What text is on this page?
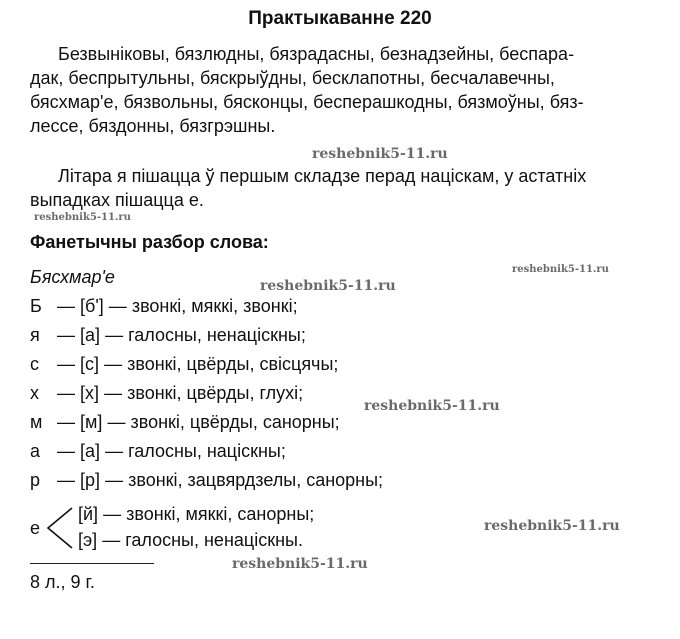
Практыкаванне 220
Безвыніковы, бязлюдны, бязрадасны, безнадзейны, беспара-
дак, беспрытульны, бяскрыўдны, бесклапотны, бесчалавечны,
бясхмар'е, бязвольны, бясконцы, бесперашкодны, бязмоўны, бяз-
лессе, бяздонны, бязгрэшны.
Літара я пішацца ў першым складзе перад націскам, у астатніх
выпадках пішацца е.
Фанетычны разбор слова:
Бясхмар'е
Б — [б'] — звонкі, мяккі, звонкі;
я — [а] — галосны, ненаціскны;
с — [с] — звонкі, цвёрды, свісцячы;
х — [х] — звонкі, цвёрды, глухі;
м — [м] — звонкі, цвёрды, санорны;
а — [а] — галосны, націскны;
р — [р] — звонкі, зацвярдзелы, санорны;
е
[й] — звонкі, мяккі, санорны;
[э] — галосны, ненаціскны.
8 л., 9 г.
reshebnik5-11.ru
reshebnik5-11.ru
reshebnik5-11.ru
reshebnik5-11.ru
reshebnik5-11.ru
reshebnik5-11.ru
reshebnik5-11.ru
